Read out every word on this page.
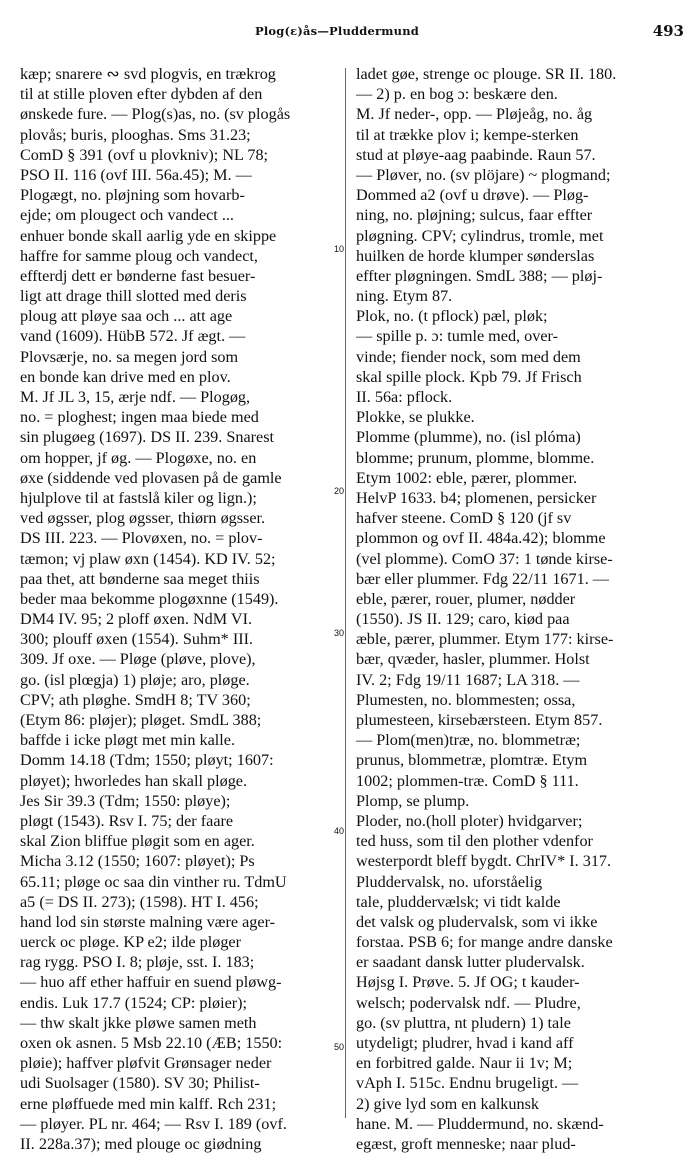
Plog(ɛ)ås—Pluddermund	493
kæp; snarere ∾ svd plogvis, en trækrog
til at stille ploven efter dybden af den
ønskede fure. — Plog(s)as, no. (sv plogås
plovås; buris, plooghas. Sms 31.23;
ComD § 391 (ovf u plovkniv); NL 78;
PSO II. 116 (ovf III. 56a.45); M. —
Plogægt, no. pløjning som hovarb-
ejde; om plougect och vandect ...
enhuer bonde skall aarlig yde en skippe
haffre for samme ploug och vandect,
effterdj dett er bønderne fast besuer-
ligt att drage thill slotted med deris
ploug att pløye saa och ... att age
vand (1609). HübB 572. Jf ægt. —
Plovsærje, no. sa megen jord som
en bonde kan drive med en plov.
M. Jf JL 3, 15, ærje ndf. — Plogøg,
no. = ploghest; ingen maa biede med
sin plugøeg (1697). DS II. 239. Snarest
om hopper, jf øg. — Plogøxe, no. en
øxe (siddende ved plovasen på de gamle
hjulplove til at fastslå kiler og lign.);
ved øgsser, plog øgsser, thiørn øgsser.
DS III. 223. — Plovøxen, no. = plov-
tæmon; vj plaw øxn (1454). KD IV. 52;
paa thet, att bønderne saa meget thiis
beder maa bekomme plogøxnne (1549).
DM4 IV. 95; 2 ploff øxen. NdM VI.
300; plouff øxen (1554). Suhm* III.
309. Jf oxe. — Pløge (pløve, plove),
go. (isl plœgja) 1) pløje; aro, pløge.
CPV; ath pløghe. SmdH 8; TV 360;
(Etym 86: pløjer); pløget. SmdL 388;
baffde i icke pløgt met min kalle.
Domm 14.18 (Tdm; 1550; pløyt; 1607:
pløyet); hworledes han skall pløge.
Jes Sir 39.3 (Tdm; 1550: pløye);
pløgt (1543). Rsv I. 75; der faare
skal Zion bliffue pløgit som en ager.
Micha 3.12 (1550; 1607: pløyet); Ps
65.11; pløge oc saa din vinther ru. TdmU
a5 (= DS II. 273); (1598). HT I. 456;
hand lod sin største malning være ager-
uerck oc pløge. KP e2; ilde pløger
rag rygg. PSO I. 8; pløje, sst. I. 183;
— huo aff ether haffuir en suend pløwg-
endis. Luk 17.7 (1524; CP: pløier);
— thw skalt jkke pløwe samen meth
oxen ok asnen. 5 Msb 22.10 (ÆB; 1550:
pløie); haffver pløfvit Grønsager neder
udi Suolsager (1580). SV 30; Philist-
erne pløffuede med min kalff. Rch 231;
— pløyer. PL nr. 464; — Rsv I. 189 (ovf.
II. 228a.37); med plouge oc giødning
ladet gøe, strenge oc plouge. SR II. 180.
— 2) p. en bog ɔ: beskære den.
M. Jf neder-, opp. — Pløjeåg, no. åg
til at trække plov i; kempe-sterken
stud at pløye-aag paabinde. Raun 57.
— Pløver, no. (sv plöjare) ~ plogmand;
Dommed a2 (ovf u drøve). — Pløg-
ning, no. pløjning; sulcus, faar effter
pløgning. CPV; cylindrus, tromle, met
huilken de horde klumper sønderslas
effter pløgningen. SmdL 388; — pløj-
ning. Etym 87.
Plok, no. (t pflock) pæl, pløk;
— spille p. ɔ: tumle med, over-
vinde; fiender nock, som med dem
skal spille plock. Kpb 79. Jf Frisch
II. 56a: pflock.
Plokke, se plukke.
Plomme (plumme), no. (isl plóma)
blomme; prunum, plomme, blomme.
Etym 1002: eble, pærer, plommer.
HelvP 1633. b4; plomenen, persicker
hafver steene. ComD § 120 (jf sv
plommon og ovf II. 484a.42); blomme
(vel plomme). ComO 37: 1 tønde kirse-
bær eller plummer. Fdg 22/11 1671. —
eble, pærer, rouer, plumer, nødder
(1550). JS II. 129; caro, kiød paa
æble, pærer, plummer. Etym 177: kirse-
bær, qvæder, hasler, plummer. Holst
IV. 2; Fdg 19/11 1687; LA 318. —
Plumesten, no. blommesten; ossa,
plumesteen, kirsebærsteen. Etym 857.
— Plom(men)træ, no. blommetræ;
prunus, blommetræ, plomtræ. Etym
1002; plommen-træ. ComD § 111.
Plomp, se plump.
Ploder, no.(holl ploter) hvidgarver;
ted huss, som til den plother vdenfor
westerpordt bleff bygdt. ChrIV* I. 317.
Pluddervalsk, no. uforståelig
tale, pluddervælsk; vi tidt kalde
det valsk og pludervalsk, som vi ikke
forstaa. PSB 6; for mange andre danske
er saadant dansk lutter pludervalsk.
Højsg I. Prøve. 5. Jf OG; t kauder-
welsch; podervalsk ndf. — Pludre,
go. (sv pluttra, nt pludern) 1) tale
utydeligt; pludrer, hvad i kand aff
en forbitred galde. Naur ii 1v; M;
vAph I. 515c. Endnu brugeligt. —
2) give lyd som en kalkunsk
hane. M. — Pluddermund, no. skænd-
egæst, groft menneske; naar plud-
10
20
30
40
50
